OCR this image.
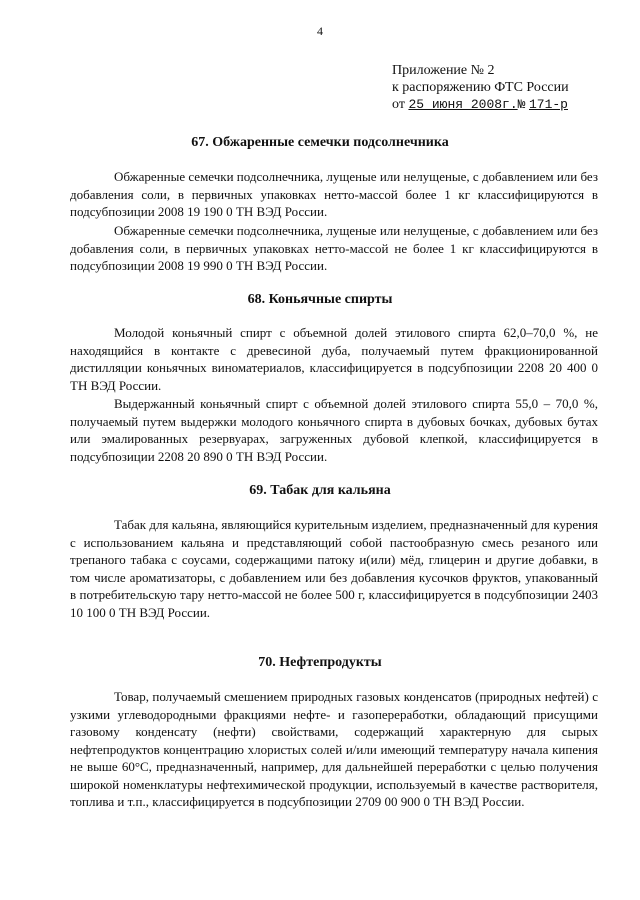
4
Приложение № 2
к распоряжению ФТС России
от 25 июня 2008г.№ 171-р
67. Обжаренные семечки подсолнечника

Обжаренные семечки подсолнечника, лущеные или нелущеные, с добавлением или без добавления соли, в первичных упаковках нетто-массой более 1 кг классифицируются в подсубпозиции 2008 19 190 0 ТН ВЭД России.

Обжаренные семечки подсолнечника, лущеные или нелущеные, с добавлением или без добавления соли, в первичных упаковках нетто-массой не более 1 кг классифицируются в подсубпозиции 2008 19 990 0 ТН ВЭД России.

68. Коньячные спирты

Молодой коньячный спирт с объемной долей этилового спирта 62,0–70,0 %, не находящийся в контакте с древесиной дуба, получаемый путем фракционированной дистилляции коньячных виноматериалов, классифицируется в подсубпозиции 2208 20 400 0 ТН ВЭД России.

Выдержанный коньячный спирт с объемной долей этилового спирта 55,0 – 70,0 %, получаемый путем выдержки молодого коньячного спирта в дубовых бочках, дубовых бутах или эмалированных резервуарах, загруженных дубовой клепкой, классифицируется в подсубпозиции 2208 20 890 0 ТН ВЭД России.

69. Табак для кальяна

Табак для кальяна, являющийся курительным изделием, предназначенный для курения с использованием кальяна и представляющий собой пастообразную смесь резаного или трепаного табака с соусами, содержащими патоку и(или) мёд, глицерин и другие добавки, в том числе ароматизаторы, с добавлением или без добавления кусочков фруктов, упакованный в потребительскую тару нетто-массой не более 500 г, классифицируется в подсубпозиции 2403 10 100 0 ТН ВЭД России.

70. Нефтепродукты

Товар, получаемый смешением природных газовых конденсатов (природных нефтей) с узкими углеводородными фракциями нефте- и газопереработки, обладающий присущими газовому конденсату (нефти) свойствами, содержащий характерную для сырых нефтепродуктов концентрацию хлористых солей и/или имеющий температуру начала кипения не выше 60°С, предназначенный, например, для дальнейшей переработки с целью получения широкой номенклатуры нефтехимической продукции, используемый в качестве растворителя, топлива и т.п., классифицируется в подсубпозиции 2709 00 900 0 ТН ВЭД России.
